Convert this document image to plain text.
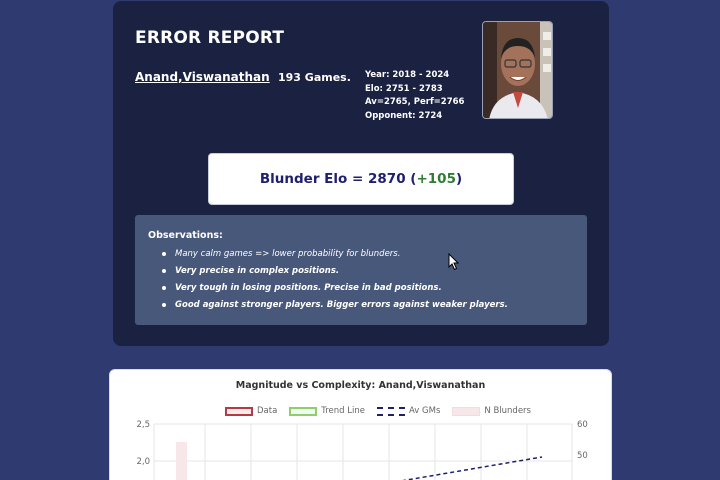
ERROR REPORT
Anand,Viswanathan 193 Games. Year: 2018 - 2024
Elo: 2751 - 2783
Av=2765, Perf=2766
Opponent: 2724
Blunder Elo = 2870 ( +105 )
Observations:
Many calm games => lower probability for blunders.
Very precise in complex positions.
Very tough in losing positions. Precise in bad positions.
Good against stronger players. Bigger errors against weaker players.
Magnitude vs Complexity: Anand,Viswanathan
Data	Trend Line	Av GMs	N Blunders
2,5
2,0
60
50
